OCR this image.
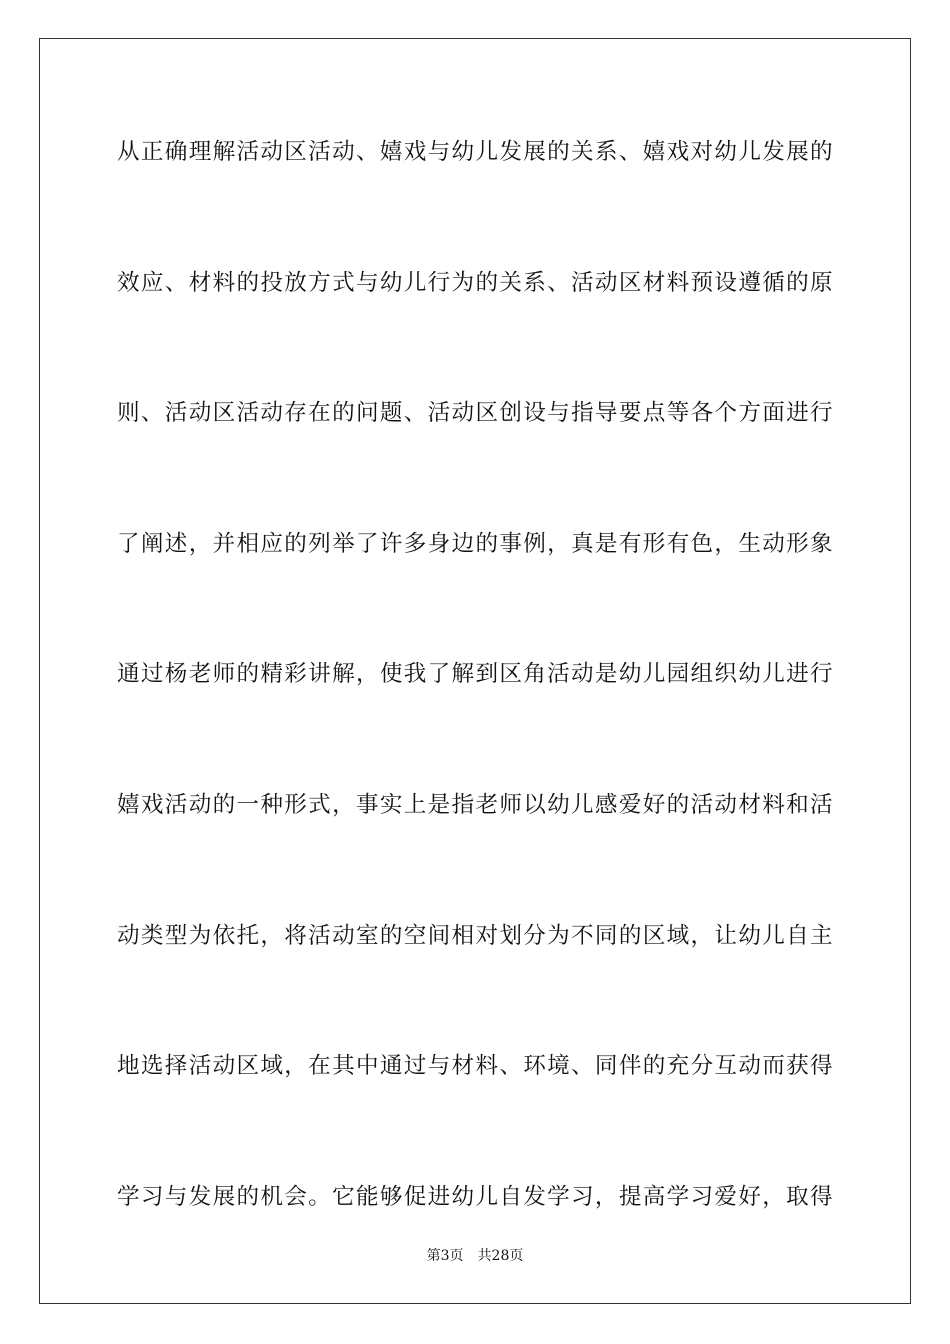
从正确理解活动区活动、嬉戏与幼儿发展的关系、嬉戏对幼儿发展的
效应、材料的投放方式与幼儿行为的关系、活动区材料预设遵循的原
则、活动区活动存在的问题、活动区创设与指导要点等各个方面进行
了阐述，并相应的列举了许多身边的事例，真是有形有色，生动形象
通过杨老师的精彩讲解，使我了解到区角活动是幼儿园组织幼儿进行
嬉戏活动的一种形式，事实上是指老师以幼儿感爱好的活动材料和活
动类型为依托，将活动室的空间相对划分为不同的区域，让幼儿自主
地选择活动区域，在其中通过与材料、环境、同伴的充分互动而获得
学习与发展的机会。它能够促进幼儿自发学习，提高学习爱好，取得
第3页 共28页
